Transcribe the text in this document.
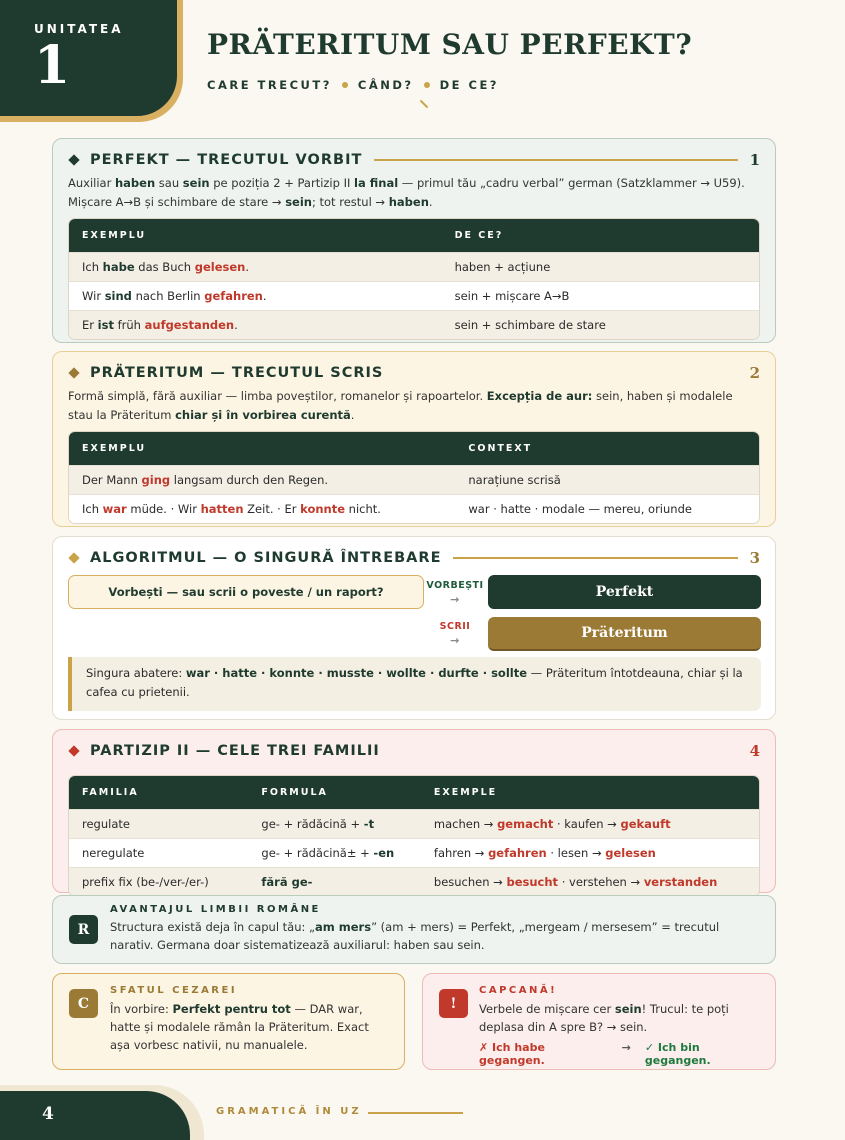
UNITATEA
1	PRÄTERITUM SAU PERFEKT?
CARE TRECUT? CÂND? DE CE?
PERFEKT — TRECUTUL VORBIT	1
Auxiliar haben sau sein pe poziția 2 + Partizip II la final — primul tău „cadru verbal” german (Satzklammer → U59). Mișcare A→B și schimbare de stare → sein; tot restul → haben.
EXEMPLU	DE CE?
Ich habe das Buch gelesen.	haben + acțiune
Wir sind nach Berlin gefahren.	sein + mișcare A→B
Er ist früh aufgestanden.	sein + schimbare de stare
PRÄTERITUM — TRECUTUL SCRIS	2
Formă simplă, fără auxiliar — limba poveștilor, romanelor și rapoartelor. Excepția de aur: sein, haben și modalele stau la Präteritum chiar și în vorbirea curentă.
EXEMPLU	CONTEXT
Der Mann ging langsam durch den Regen.	narațiune scrisă
Ich war müde. · Wir hatten Zeit. · Er konnte nicht.	war · hatte · modale — mereu, oriunde
ALGORITMUL — O SINGURĂ ÎNTREBARE	3
Vorbești — sau scrii o poveste / un raport?	VORBEȘTI
→
SCRII
→
Perfekt
Präteritum
Singura abatere: war · hatte · konnte · musste · wollte · durfte · sollte — Präteritum întotdeauna, chiar și la cafea cu prietenii.
PARTIZIP II — CELE TREI FAMILII	4
FAMILIA	FORMULA	EXEMPLE
regulate	ge- + rădăcină + -t	machen → gemacht · kaufen → gekauft
neregulate	ge- + rădăcină± + -en	fahren → gefahren · lesen → gelesen
prefix fix (be-/ver-/er-)	fără ge-	besuchen → besucht · verstehen → verstanden
R
AVANTAJUL LIMBII ROMÂNE
Structura există deja în capul tău: „am mers” (am + mers) = Perfekt, „mergeam / mersesem” = trecutul narativ. Germana doar sistematizează auxiliarul: haben sau sein.
C
SFATUL CEZAREI
În vorbire: Perfekt pentru tot — DAR war, hatte și modalele rămân la Präteritum. Exact așa vorbesc nativii, nu manualele.
!
CAPCANĂ!
Verbele de mișcare cer sein! Trucul: te poți deplasa din A spre B? → sein.
✗ Ich habe gegangen.
→ ✓ Ich bin gegangen.
4	GRAMATICĂ ÎN UZ
